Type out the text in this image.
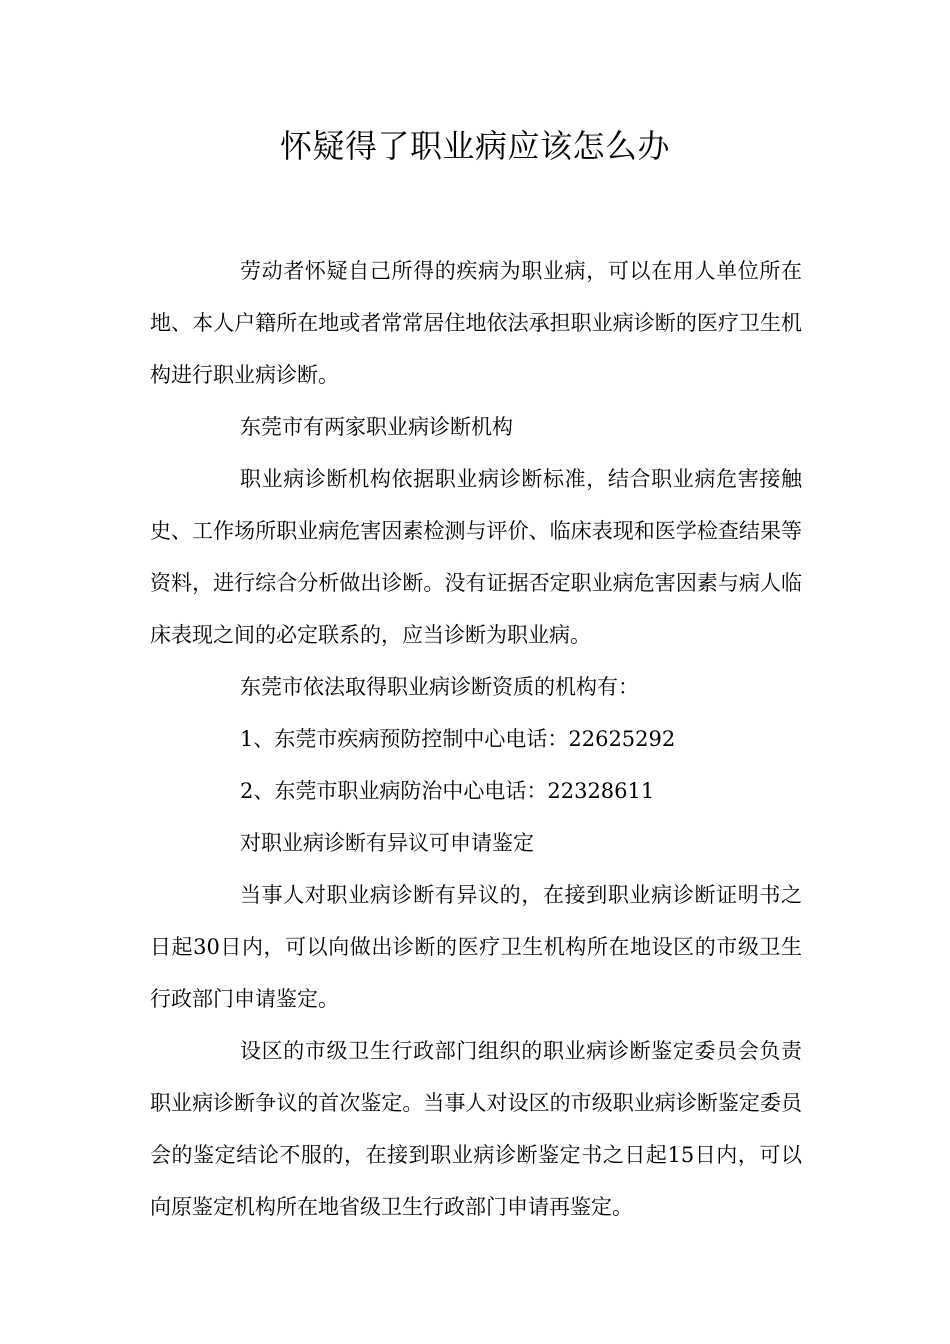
怀疑得了职业病应该怎么办

劳动者怀疑自己所得的疾病为职业病，可以在用人单位所在地、本人户籍所在地或者常常居住地依法承担职业病诊断的医疗卫生机构进行职业病诊断。

东莞市有两家职业病诊断机构

职业病诊断机构依据职业病诊断标准，结合职业病危害接触史、工作场所职业病危害因素检测与评价、临床表现和医学检查结果等资料，进行综合分析做出诊断。没有证据否定职业病危害因素与病人临床表现之间的必定联系的，应当诊断为职业病。

东莞市依法取得职业病诊断资质的机构有：

1、东莞市疾病预防控制中心电话：22625292

2、东莞市职业病防治中心电话：22328611

对职业病诊断有异议可申请鉴定

当事人对职业病诊断有异议的，在接到职业病诊断证明书之日起30日内，可以向做出诊断的医疗卫生机构所在地设区的市级卫生行政部门申请鉴定。

设区的市级卫生行政部门组织的职业病诊断鉴定委员会负责职业病诊断争议的首次鉴定。当事人对设区的市级职业病诊断鉴定委员会的鉴定结论不服的，在接到职业病诊断鉴定书之日起15日内，可以向原鉴定机构所在地省级卫生行政部门申请再鉴定。
